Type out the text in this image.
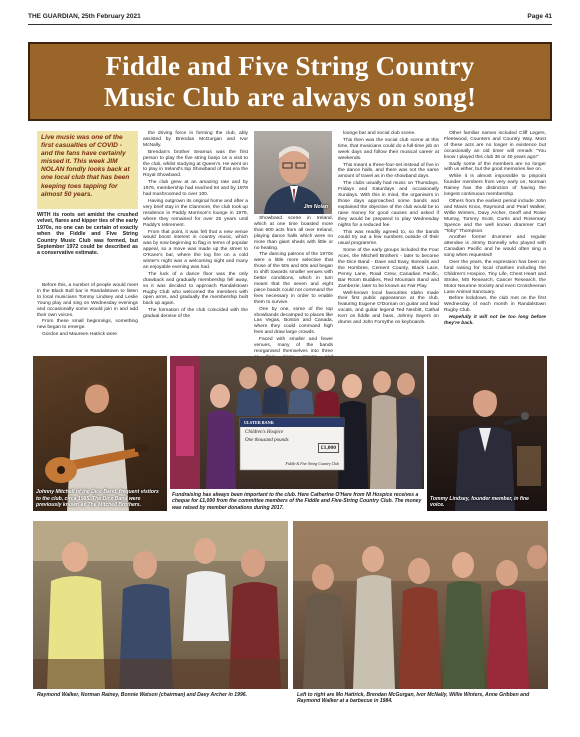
THE GUARDIAN, 25th February 2021	Page 41
Fiddle and Five String Country
Music Club are always on song!

Live music was one of the first casualties of COVID - and the fans have certainly missed it. This week JIM NOLAN fondly looks back at one local club that has been keeping toes tapping for almost 50 years.

WITH its roots set amidst the crushed velvet, flares and kipper ties of the early 1970s, no one can be certain of exactly when the Fiddle and Five String Country Music Club was formed, but September 1972 could be described as a conservative estimate.

Before this, a number of people would meet in the Black Bull bar in Randalstown to listen to local musicians Tommy Lindsey and Leslie Young play and sing on Wednesday evenings and occasionally some would join in and add their own voices.

From these small beginnings, something new began to emerge.

Gordon and Maureen Hatrick were

the driving force in forming the club, ably assisted by Brendan McGurgan and Ivor McNally.

Brendan's brother Seamus was the first person to play the five string banjo on a visit to the club, whilst studying at Queen's. He went on to play in Ireland's top Showband of that era the Royal Showband.

The club grew at an amazing rate and by 1976, membership had reached 84 and by 1978 had mushroomed to over 100.

Having outgrown its original home and after a very brief stay in the Clanmore, the club took up residence in Paddy Morrison's lounge in 1979, where they remained for over 25 years until Paddy's retirement.

From that point, it was felt that a new venue would boost interest in country music, which was by now beginning to flag in terms of popular appeal, so a move was made up the street to O'Kane's bar, where the log fire on a cold winter's night was a welcoming sight and many an enjoyable evening was had.

The luck of a dance floor was the only drawback and gradually membership fell away, so it was decided to approach Randalstown Rugby Club who welcomed the members with open arms, and gradually the membership built back up again.

The formation of the club coincided with the gradual demise of the

Jim Nolan

Showband scene in Ireland, which at one time boasted more than 600 acts from all over Ireland, playing dance halls which were no more than giant sheds with little or no heating.

The dancing patrons of the 1970s were a little more selective that those of the 50s and 60s and began to shift towards smaller venues with better conditions, which in turn meant that the seven and eight piece bands could not command the fees necessary in order to enable them to survive.

One by one, some of the top showbands decamped to places like Las Vegas, Boston and Canada, where they could command high fees and draw large crowds.

Faced with smaller and fewer venues, many of the bands reorganised themselves into three

lounge bar and social club scene.

This then was the social club scene at this time, that musicians could do a full-time job on week days and follow their musical career at weekends.

This meant a three-four-set instead of five in the dance halls, and there was not the same amount of travel as in the showband days.

The clubs usually had music on Thursdays, Fridays and Saturdays and occasionally Sundays. With this in mind, the organisers in those days approached some bands and explained the objective of the club would be to raise money for good causes and asked if they would be prepared to play Wednesday nights for a reduced fee.

This was readily agreed to, so the bands could try out a few numbers outside of their usual programme.

Some of the early groups included the Four Aces, the Mitchell Brothers - later to become the Dice Band - Dave and Easy, Borealis and the Hombres, Cement County, Black Lace, Penny Lane, Road Crew, Canadian Pacific, Bar Room Buddies, Red Mountain Band and Zambezie, later to be known as Fair Play.

Well-known local favourites Idaho made their first public appearance at the club, featuring Eugene O'Dornan on guitar and lead vocals, and guitar legend Ted Nesbitt, Cathal Kerr on fiddle and bass, Johnny Sayers on drums and John Forsythe on keyboards.

Other familiar names included Cliff Legers, Fleetwood, Counters and Country Way. Most of these acts are no longer in existence but occasionally an old timer will remark "You know I played this club 35 or 40 years ago!"

Sadly some of the members are no longer with us either, but the good memories live on.

While it is almost impossible to pinpoint founder members from very early on, Norman Rainey has the distinction of having the longest continuous membership.

Others from the earliest period include John and Mavis Knox, Raymond and Pearl Walker, Willie Winters, Davy Archer, Geoff and Rosie Murray, Tommy Scott, Curtis and Rosemary Spence and the well known drummer Carl "Toby" Thompson.

Another former drummer and regular attendee is Jimmy Donnelly who played with Canadian Pacific and he would often sing a song when requested!

Over the years, the expression has been on fund raising for local charities including the Children's Hospice, Tiny Life, Chest Heart and Stroke, MS Research, Cancer Research, the Motor Neurone Society and even Crossheenan Lane Animal Sanctuary.

Before lockdown, the club met on the first Wednesday of each month in Randalstown Rugby Club.

Hopefully it will not be too long before they're back.

Johnny Mitchell of the Dice Band, frequent visitors to the club, circa 1985. The Dice Band were previously known as The Mitchell Brothers.
ULSTER BANK
Children's Hospice
One thousand pounds
£1,000
Fiddle & Five String Country Club
Fundraising has always been important to the club. Here Catherine O'Hare from NI Hospice receives a cheque for £1,000 from the committee members of the Fiddle and Five-String Country Club. The money was raised by member donations during 2017.
Tommy Lindsey, founder member, in fine voice.
Raymond Walker, Norman Rainey, Bonnie Watson (chairman) and Davy Archer in 1996.	Left to right are Mo Hattrick, Brendan McGurgan, Ivor McNally, Willie Winters, Anne Gribben and Raymond Walker at a barbecue in 1984.
